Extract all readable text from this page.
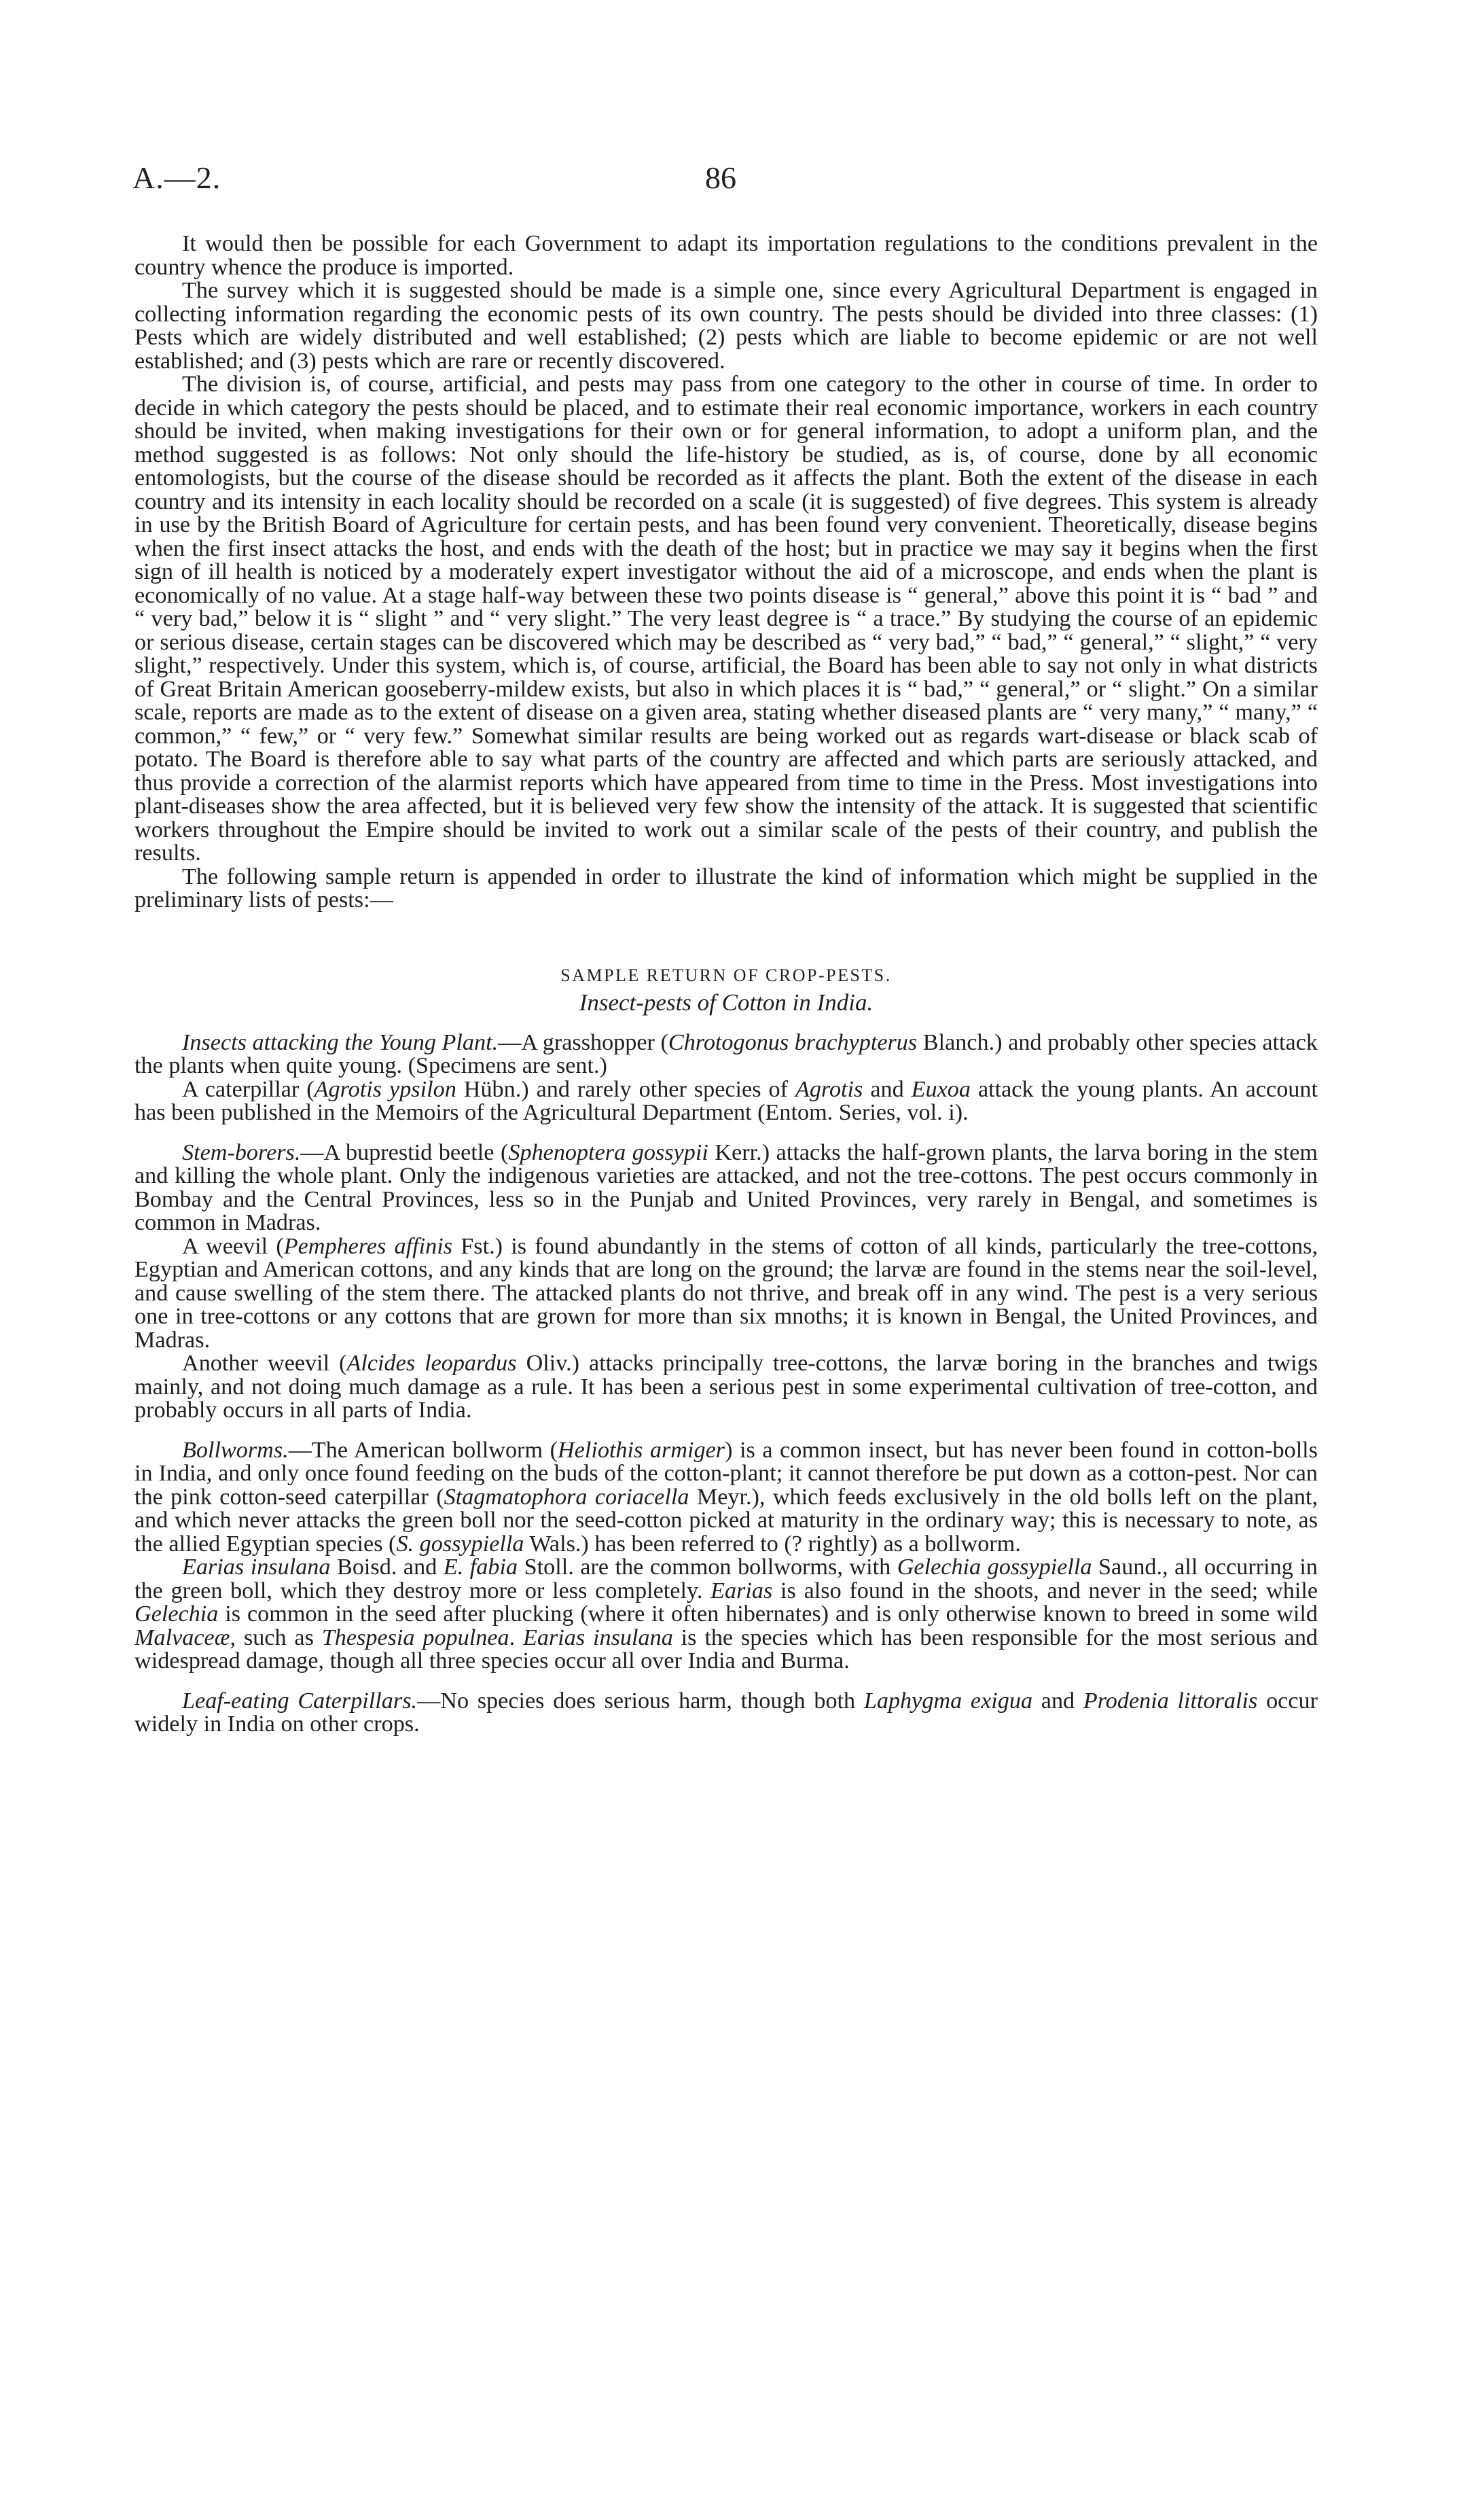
A.—2.	86

It would then be possible for each Government to adapt its importation regulations to the conditions prevalent in the country whence the produce is imported.

The survey which it is suggested should be made is a simple one, since every Agricultural Department is engaged in collecting information regarding the economic pests of its own country. The pests should be divided into three classes: (1) Pests which are widely distributed and well established; (2) pests which are liable to become epidemic or are not well established; and (3) pests which are rare or recently discovered.

The division is, of course, artificial, and pests may pass from one category to the other in course of time. In order to decide in which category the pests should be placed, and to estimate their real economic importance, workers in each country should be invited, when making investigations for their own or for general information, to adopt a uniform plan, and the method suggested is as follows: Not only should the life-history be studied, as is, of course, done by all economic entomologists, but the course of the disease should be recorded as it affects the plant. Both the extent of the disease in each country and its intensity in each locality should be recorded on a scale (it is suggested) of five degrees. This system is already in use by the British Board of Agriculture for certain pests, and has been found very convenient. Theoretically, disease begins when the first insect attacks the host, and ends with the death of the host; but in practice we may say it begins when the first sign of ill health is noticed by a moderately expert investigator without the aid of a microscope, and ends when the plant is economically of no value. At a stage half-way between these two points disease is “ general,” above this point it is “ bad ” and “ very bad,” below it is “ slight ” and “ very slight.” The very least degree is “ a trace.” By studying the course of an epidemic or serious disease, certain stages can be discovered which may be described as “ very bad,” “ bad,” “ general,” “ slight,” “ very slight,” respectively. Under this system, which is, of course, artificial, the Board has been able to say not only in what districts of Great Britain American gooseberry-mildew exists, but also in which places it is “ bad,” “ general,” or “ slight.” On a similar scale, reports are made as to the extent of disease on a given area, stating whether diseased plants are “ very many,” “ many,” “ common,” “ few,” or “ very few.” Somewhat similar results are being worked out as regards wart-disease or black scab of potato. The Board is therefore able to say what parts of the country are affected and which parts are seriously attacked, and thus provide a correction of the alarmist reports which have appeared from time to time in the Press. Most investigations into plant-diseases show the area affected, but it is believed very few show the intensity of the attack. It is suggested that scientific workers throughout the Empire should be invited to work out a similar scale of the pests of their country, and publish the results.

The following sample return is appended in order to illustrate the kind of information which might be supplied in the preliminary lists of pests:—

SAMPLE RETURN OF CROP-PESTS.

Insect-pests of Cotton in India.

Insects attacking the Young Plant.—A grasshopper (Chrotogonus brachypterus Blanch.) and probably other species attack the plants when quite young. (Specimens are sent.)

A caterpillar (Agrotis ypsilon Hübn.) and rarely other species of Agrotis and Euxoa attack the young plants. An account has been published in the Memoirs of the Agricultural Department (Entom. Series, vol. i).

Stem-borers.—A buprestid beetle (Sphenoptera gossypii Kerr.) attacks the half-grown plants, the larva boring in the stem and killing the whole plant. Only the indigenous varieties are attacked, and not the tree-cottons. The pest occurs commonly in Bombay and the Central Provinces, less so in the Punjab and United Provinces, very rarely in Bengal, and sometimes is common in Madras.

A weevil (Pempheres affinis Fst.) is found abundantly in the stems of cotton of all kinds, particularly the tree-cottons, Egyptian and American cottons, and any kinds that are long on the ground; the larvæ are found in the stems near the soil-level, and cause swelling of the stem there. The attacked plants do not thrive, and break off in any wind. The pest is a very serious one in tree-cottons or any cottons that are grown for more than six mnoths; it is known in Bengal, the United Provinces, and Madras.

Another weevil (Alcides leopardus Oliv.) attacks principally tree-cottons, the larvæ boring in the branches and twigs mainly, and not doing much damage as a rule. It has been a serious pest in some experimental cultivation of tree-cotton, and probably occurs in all parts of India.

Bollworms.—The American bollworm (Heliothis armiger) is a common insect, but has never been found in cotton-bolls in India, and only once found feeding on the buds of the cotton-plant; it cannot therefore be put down as a cotton-pest. Nor can the pink cotton-seed caterpillar (Stagmatophora coriacella Meyr.), which feeds exclusively in the old bolls left on the plant, and which never attacks the green boll nor the seed-cotton picked at maturity in the ordinary way; this is necessary to note, as the allied Egyptian species (S. gossypiella Wals.) has been referred to (? rightly) as a bollworm.

Earias insulana Boisd. and E. fabia Stoll. are the common bollworms, with Gelechia gossypiella Saund., all occurring in the green boll, which they destroy more or less completely. Earias is also found in the shoots, and never in the seed; while Gelechia is common in the seed after plucking (where it often hibernates) and is only otherwise known to breed in some wild Malvaceæ, such as Thespesia populnea. Earias insulana is the species which has been responsible for the most serious and widespread damage, though all three species occur all over India and Burma.

Leaf-eating Caterpillars.—No species does serious harm, though both Laphygma exigua and Prodenia littoralis occur widely in India on other crops.
